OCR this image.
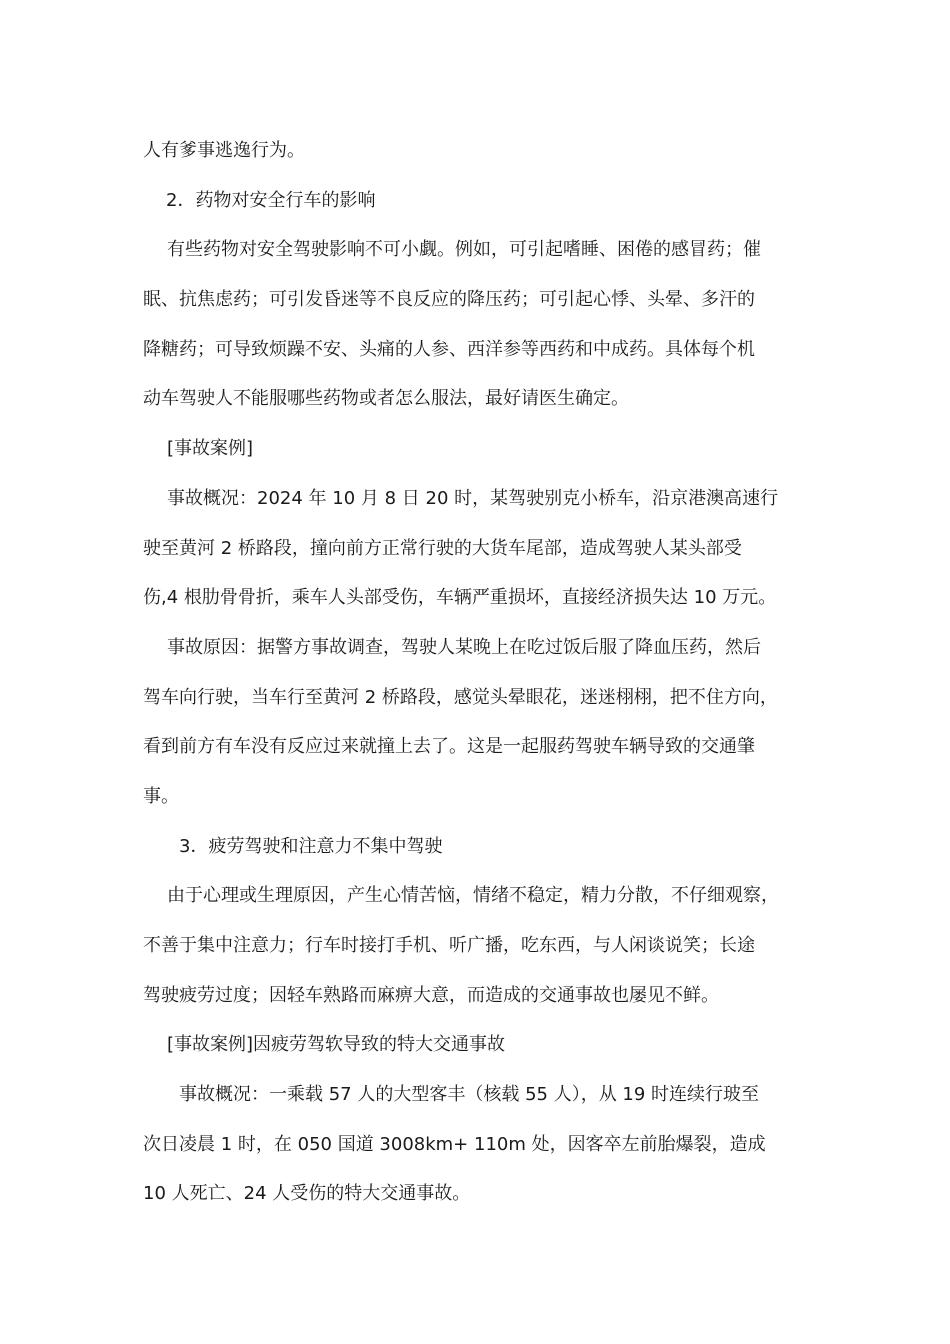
人有爹事逃逸行为。
2．药物对安全行车的影响
有些药物对安全驾驶影响不可小觑。例如，可引起嗜睡、困倦的感冒药；催
眠、抗焦虑药；可引发昏迷等不良反应的降压药；可引起心悸、头晕、多汗的
降糖药；可导致烦躁不安、头痛的人参、西洋参等西药和中成药。具体每个机
动车驾驶人不能服哪些药物或者怎么服法，最好请医生确定。
[事故案例]
事故概况：2024 年 10 月 8 日 20 时，某驾驶别克小桥车，沿京港澳高速行
驶至黄河 2 桥路段，撞向前方正常行驶的大货车尾部，造成驾驶人某头部受
伤,4 根肋骨骨折，乘车人头部受伤，车辆严重损坏，直接经济损失达 10 万元。
事故原因：据警方事故调查，驾驶人某晚上在吃过饭后服了降血压药，然后
驾车向行驶，当车行至黄河 2 桥路段，感觉头晕眼花，迷迷栩栩，把不住方向，
看到前方有车没有反应过来就撞上去了。这是一起服药驾驶车辆导致的交通肇
事。
3．疲劳驾驶和注意力不集中驾驶
由于心理或生理原因，产生心情苦恼，情绪不稳定，精力分散，不仔细观察，
不善于集中注意力；行车时接打手机、听广播，吃东西，与人闲谈说笑；长途
驾驶疲劳过度；因轻车熟路而麻痹大意，而造成的交通事故也屡见不鲜。
[事故案例]因疲劳驾软导致的特大交通事故
事故概况：一乘载 57 人的大型客丰（核载 55 人），从 19 时连续行玻至
次日凌晨 1 时，在 050 国道 3008km+ 110m 处，因客卒左前胎爆裂，造成
10 人死亡、24 人受伤的特大交通事故。
